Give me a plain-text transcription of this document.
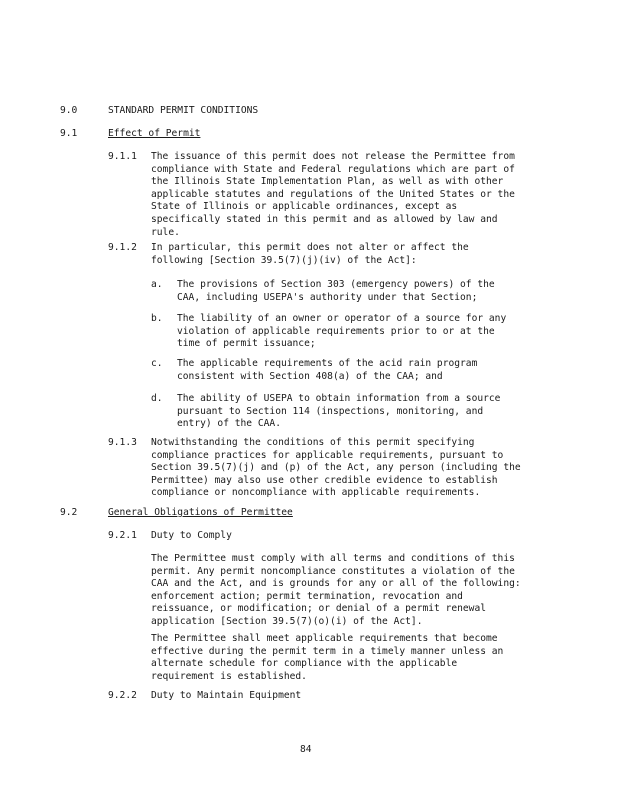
9.0	STANDARD PERMIT CONDITIONS
9.1	Effect of Permit
9.1.1 The issuance of this permit does not release the Permittee from
compliance with State and Federal regulations which are part of
the Illinois State Implementation Plan, as well as with other
applicable statutes and regulations of the United States or the
State of Illinois or applicable ordinances, except as
specifically stated in this permit and as allowed by law and
rule.
9.1.2 In particular, this permit does not alter or affect the
following [Section 39.5(7)(j)(iv) of the Act]:
a. The provisions of Section 303 (emergency powers) of the
CAA, including USEPA's authority under that Section;
b. The liability of an owner or operator of a source for any
violation of applicable requirements prior to or at the
time of permit issuance;
c. The applicable requirements of the acid rain program
consistent with Section 408(a) of the CAA; and
d. The ability of USEPA to obtain information from a source
pursuant to Section 114 (inspections, monitoring, and
entry) of the CAA.
9.1.3 Notwithstanding the conditions of this permit specifying
compliance practices for applicable requirements, pursuant to
Section 39.5(7)(j) and (p) of the Act, any person (including the
Permittee) may also use other credible evidence to establish
compliance or noncompliance with applicable requirements.
9.2	General Obligations of Permittee
9.2.1 Duty to Comply
The Permittee must comply with all terms and conditions of this
permit. Any permit noncompliance constitutes a violation of the
CAA and the Act, and is grounds for any or all of the following:
enforcement action; permit termination, revocation and
reissuance, or modification; or denial of a permit renewal
application [Section 39.5(7)(o)(i) of the Act].
The Permittee shall meet applicable requirements that become
effective during the permit term in a timely manner unless an
alternate schedule for compliance with the applicable
requirement is established.
9.2.2 Duty to Maintain Equipment
84
